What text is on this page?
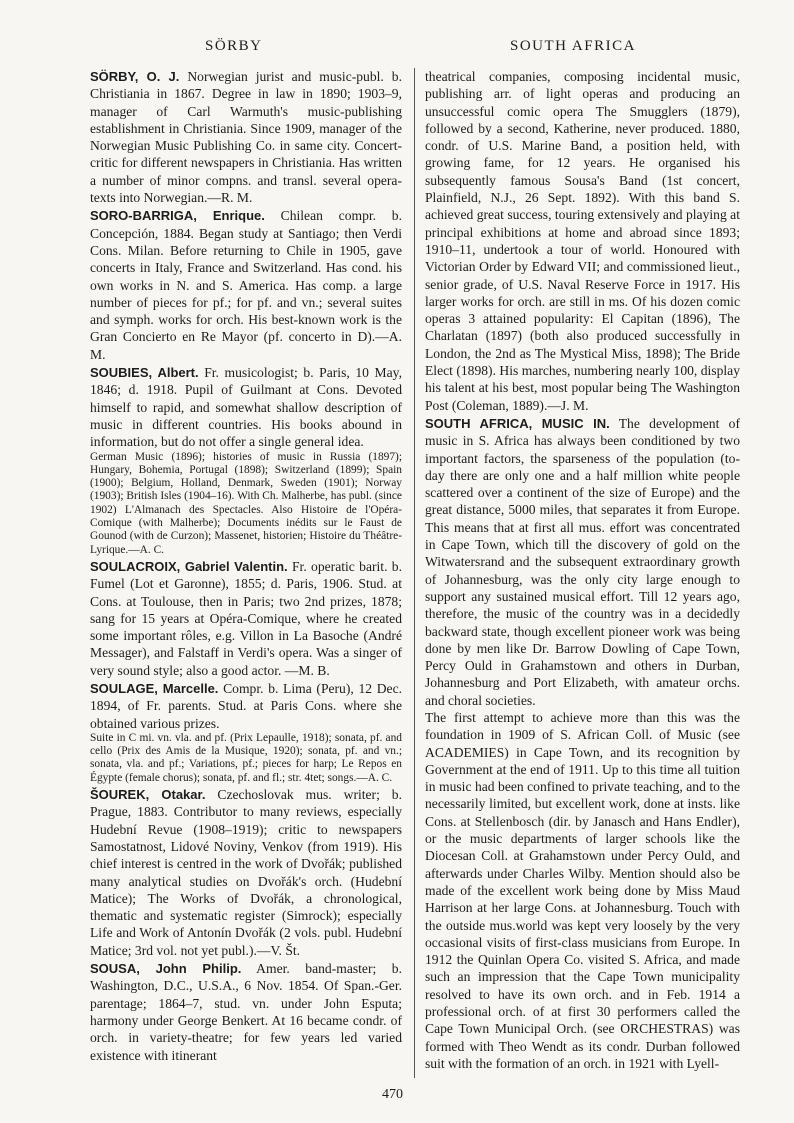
SÖRBY	SOUTH AFRICA

SÖRBY, O. J. Norwegian jurist and music-publ. b. Christiania in 1867. Degree in law in 1890; 1903–9, manager of Carl Warmuth's music-publishing establishment in Christiania. Since 1909, manager of the Norwegian Music Publishing Co. in same city. Concert-critic for different newspapers in Christiania. Has written a number of minor compns. and transl. several opera-texts into Norwegian.—R. M.

SORO-BARRIGA, Enrique. Chilean compr. b. Concepción, 1884. Began study at Santiago; then Verdi Cons. Milan. Before returning to Chile in 1905, gave concerts in Italy, France and Switzerland. Has cond. his own works in N. and S. America. Has comp. a large number of pieces for pf.; for pf. and vn.; several suites and symph. works for orch. His best-known work is the Gran Concierto en Re Mayor (pf. concerto in D).—A. M.

SOUBIES, Albert. Fr. musicologist; b. Paris, 10 May, 1846; d. 1918. Pupil of Guilmant at Cons. Devoted himself to rapid, and somewhat shallow description of music in different countries. His books abound in information, but do not offer a single general idea.

German Music (1896); histories of music in Russia (1897); Hungary, Bohemia, Portugal (1898); Switzerland (1899); Spain (1900); Belgium, Holland, Denmark, Sweden (1901); Norway (1903); British Isles (1904–16). With Ch. Malherbe, has publ. (since 1902) L'Almanach des Spectacles. Also Histoire de l'Opéra-Comique (with Malherbe); Documents inédits sur le Faust de Gounod (with de Curzon); Massenet, historien; Histoire du Théâtre-Lyrique.—A. C.

SOULACROIX, Gabriel Valentin. Fr. operatic barit. b. Fumel (Lot et Garonne), 1855; d. Paris, 1906. Stud. at Cons. at Toulouse, then in Paris; two 2nd prizes, 1878; sang for 15 years at Opéra-Comique, where he created some important rôles, e.g. Villon in La Basoche (André Messager), and Falstaff in Verdi's opera. Was a singer of very sound style; also a good actor. —M. B.

SOULAGE, Marcelle. Compr. b. Lima (Peru), 12 Dec. 1894, of Fr. parents. Stud. at Paris Cons. where she obtained various prizes.

Suite in C mi. vn. vla. and pf. (Prix Lepaulle, 1918); sonata, pf. and cello (Prix des Amis de la Musique, 1920); sonata, pf. and vn.; sonata, vla. and pf.; Variations, pf.; pieces for harp; Le Repos en Égypte (female chorus); sonata, pf. and fl.; str. 4tet; songs.—A. C.

ŠOUREK, Otakar. Czechoslovak mus. writer; b. Prague, 1883. Contributor to many reviews, especially Hudební Revue (1908–1919); critic to newspapers Samostatnost, Lidové Noviny, Venkov (from 1919). His chief interest is centred in the work of Dvořák; published many analytical studies on Dvořák's orch. (Hudební Matice); The Works of Dvořák, a chronological, thematic and systematic register (Simrock); especially Life and Work of Antonín Dvořák (2 vols. publ. Hudební Matice; 3rd vol. not yet publ.).—V. Št.

SOUSA, John Philip. Amer. band-master; b. Washington, D.C., U.S.A., 6 Nov. 1854. Of Span.-Ger. parentage; 1864–7, stud. vn. under John Esputa; harmony under George Benkert. At 16 became condr. of orch. in variety-theatre; for few years led varied existence with itinerant

theatrical companies, composing incidental music, publishing arr. of light operas and producing an unsuccessful comic opera The Smugglers (1879), followed by a second, Katherine, never produced. 1880, condr. of U.S. Marine Band, a position held, with growing fame, for 12 years. He organised his subsequently famous Sousa's Band (1st concert, Plainfield, N.J., 26 Sept. 1892). With this band S. achieved great success, touring extensively and playing at principal exhibitions at home and abroad since 1893; 1910–11, undertook a tour of world. Honoured with Victorian Order by Edward VII; and commissioned lieut., senior grade, of U.S. Naval Reserve Force in 1917. His larger works for orch. are still in ms. Of his dozen comic operas 3 attained popularity: El Capitan (1896), The Charlatan (1897) (both also produced successfully in London, the 2nd as The Mystical Miss, 1898); The Bride Elect (1898). His marches, numbering nearly 100, display his talent at his best, most popular being The Washington Post (Coleman, 1889).—J. M.

SOUTH AFRICA, MUSIC IN. The development of music in S. Africa has always been conditioned by two important factors, the sparseness of the population (to-day there are only one and a half million white people scattered over a continent of the size of Europe) and the great distance, 5000 miles, that separates it from Europe. This means that at first all mus. effort was concentrated in Cape Town, which till the discovery of gold on the Witwatersrand and the subsequent extraordinary growth of Johannesburg, was the only city large enough to support any sustained musical effort. Till 12 years ago, therefore, the music of the country was in a decidedly backward state, though excellent pioneer work was being done by men like Dr. Barrow Dowling of Cape Town, Percy Ould in Grahamstown and others in Durban, Johannesburg and Port Elizabeth, with amateur orchs. and choral societies.

The first attempt to achieve more than this was the foundation in 1909 of S. African Coll. of Music (see ACADEMIES) in Cape Town, and its recognition by Government at the end of 1911. Up to this time all tuition in music had been confined to private teaching, and to the necessarily limited, but excellent work, done at insts. like Cons. at Stellenbosch (dir. by Janasch and Hans Endler), or the music departments of larger schools like the Diocesan Coll. at Grahamstown under Percy Ould, and afterwards under Charles Wilby. Mention should also be made of the excellent work being done by Miss Maud Harrison at her large Cons. at Johannesburg. Touch with the outside mus.world was kept very loosely by the very occasional visits of first-class musicians from Europe. In 1912 the Quinlan Opera Co. visited S. Africa, and made such an impression that the Cape Town municipality resolved to have its own orch. and in Feb. 1914 a professional orch. of at first 30 performers called the Cape Town Municipal Orch. (see ORCHESTRAS) was formed with Theo Wendt as its condr. Durban followed suit with the formation of an orch. in 1921 with Lyell-

470
